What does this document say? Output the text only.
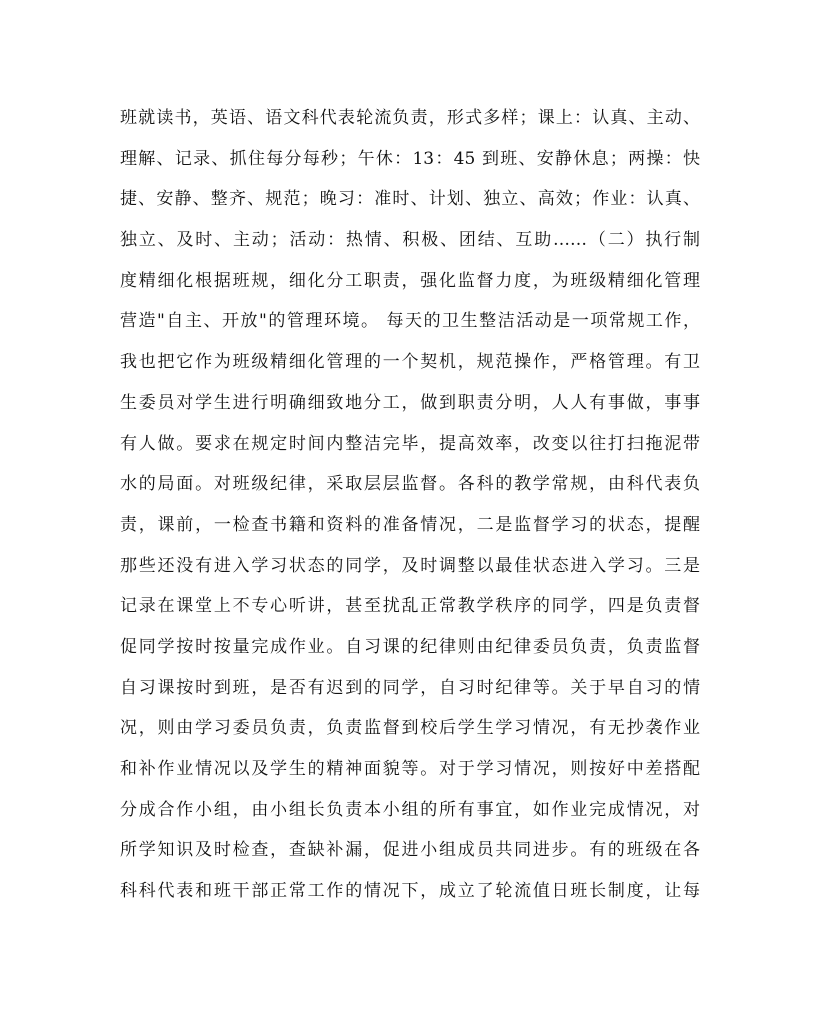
班就读书，英语、语文科代表轮流负责，形式多样；课上：认真、主动、
理解、记录、抓住每分每秒；午休：13：45 到班、安静休息；两操：快
捷、安静、整齐、规范；晚习：准时、计划、独立、高效；作业：认真、
独立、及时、主动；活动：热情、积极、团结、互助……（二）执行制
度精细化根据班规，细化分工职责，强化监督力度，为班级精细化管理
营造"自主、开放"的管理环境。 每天的卫生整洁活动是一项常规工作，
我也把它作为班级精细化管理的一个契机，规范操作，严格管理。有卫
生委员对学生进行明确细致地分工，做到职责分明，人人有事做，事事
有人做。要求在规定时间内整洁完毕，提高效率，改变以往打扫拖泥带
水的局面。对班级纪律，采取层层监督。各科的教学常规，由科代表负
责，课前，一检查书籍和资料的准备情况，二是监督学习的状态，提醒
那些还没有进入学习状态的同学，及时调整以最佳状态进入学习。三是
记录在课堂上不专心听讲，甚至扰乱正常教学秩序的同学，四是负责督
促同学按时按量完成作业。自习课的纪律则由纪律委员负责，负责监督
自习课按时到班，是否有迟到的同学，自习时纪律等。关于早自习的情
况，则由学习委员负责，负责监督到校后学生学习情况，有无抄袭作业
和补作业情况以及学生的精神面貌等。对于学习情况，则按好中差搭配
分成合作小组，由小组长负责本小组的所有事宜，如作业完成情况，对
所学知识及时检查，查缺补漏，促进小组成员共同进步。有的班级在各
科科代表和班干部正常工作的情况下，成立了轮流值日班长制度，让每
